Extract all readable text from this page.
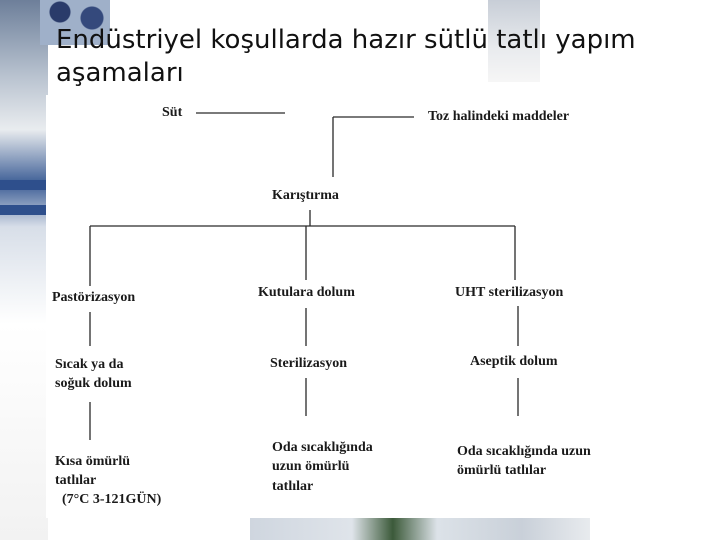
Endüstriyel koşullarda hazır sütlü tatlı yapım aşamaları
Süt	Toz halindeki maddeler
Karıştırma
Pastörizasyon	Kutulara dolum	UHT sterilizasyon
Sıcak ya da
soğuk dolum
Sterilizasyon	Aseptik dolum
Kısa ömürlü
tatlılar
(7°C 3-121GÜN)
Oda sıcaklığında
uzun ömürlü
tatlılar
Oda sıcaklığında uzun
ömürlü tatlılar
